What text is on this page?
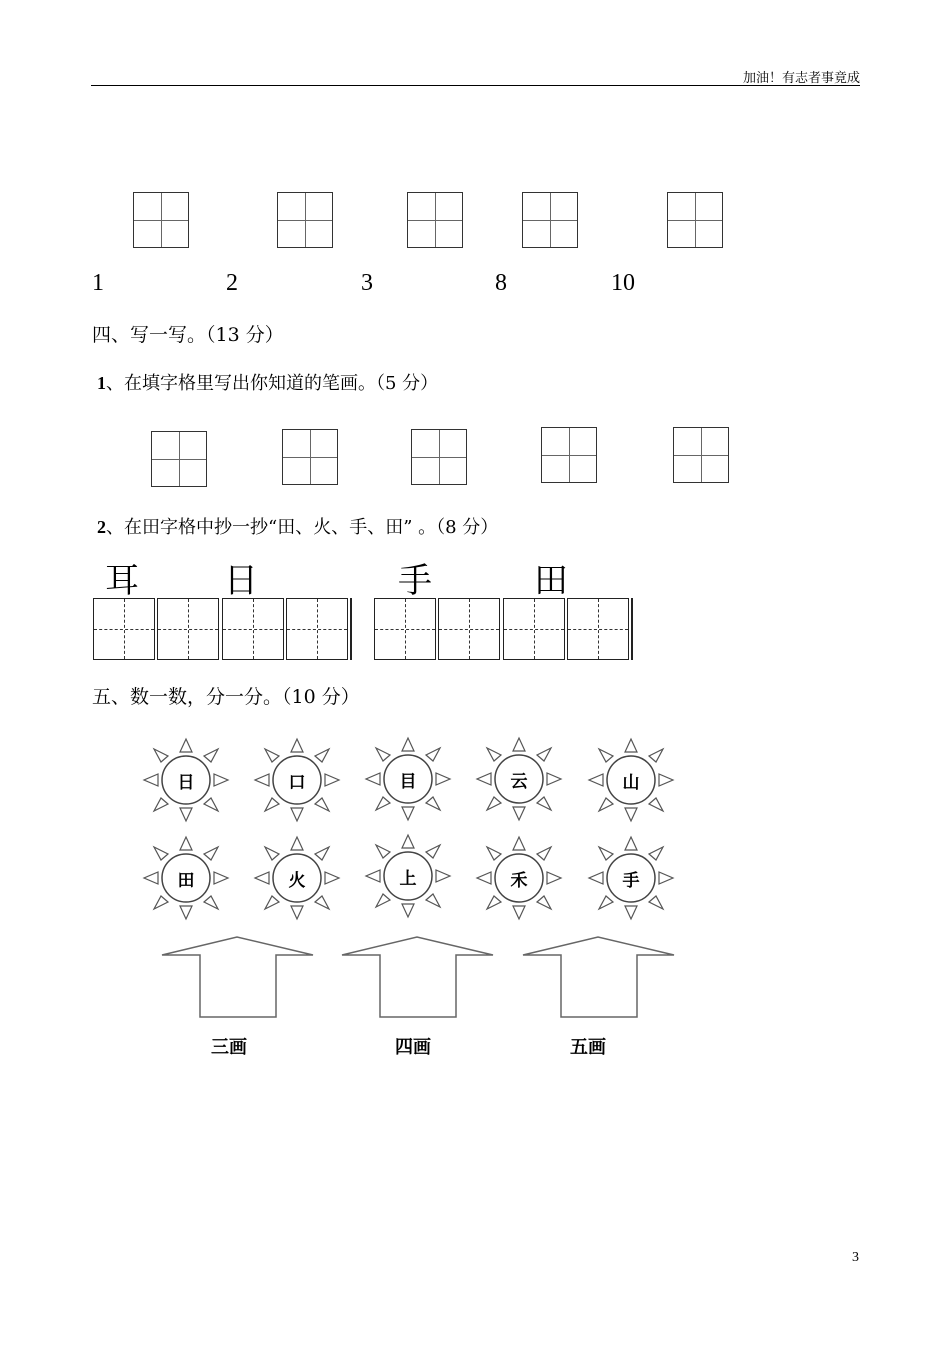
加油！有志者事竟成
1	2	3	8	10
四、写一写。（13 分）
1、在填字格里写出你知道的笔画。（5 分）
2、在田字格中抄一抄“田、火、手、田” 。（8 分）
耳	日	手	田
五、数一数，分一分。（10 分）
日	口	目	云	山
田	火	上	禾	手
三画	四画	五画
3
